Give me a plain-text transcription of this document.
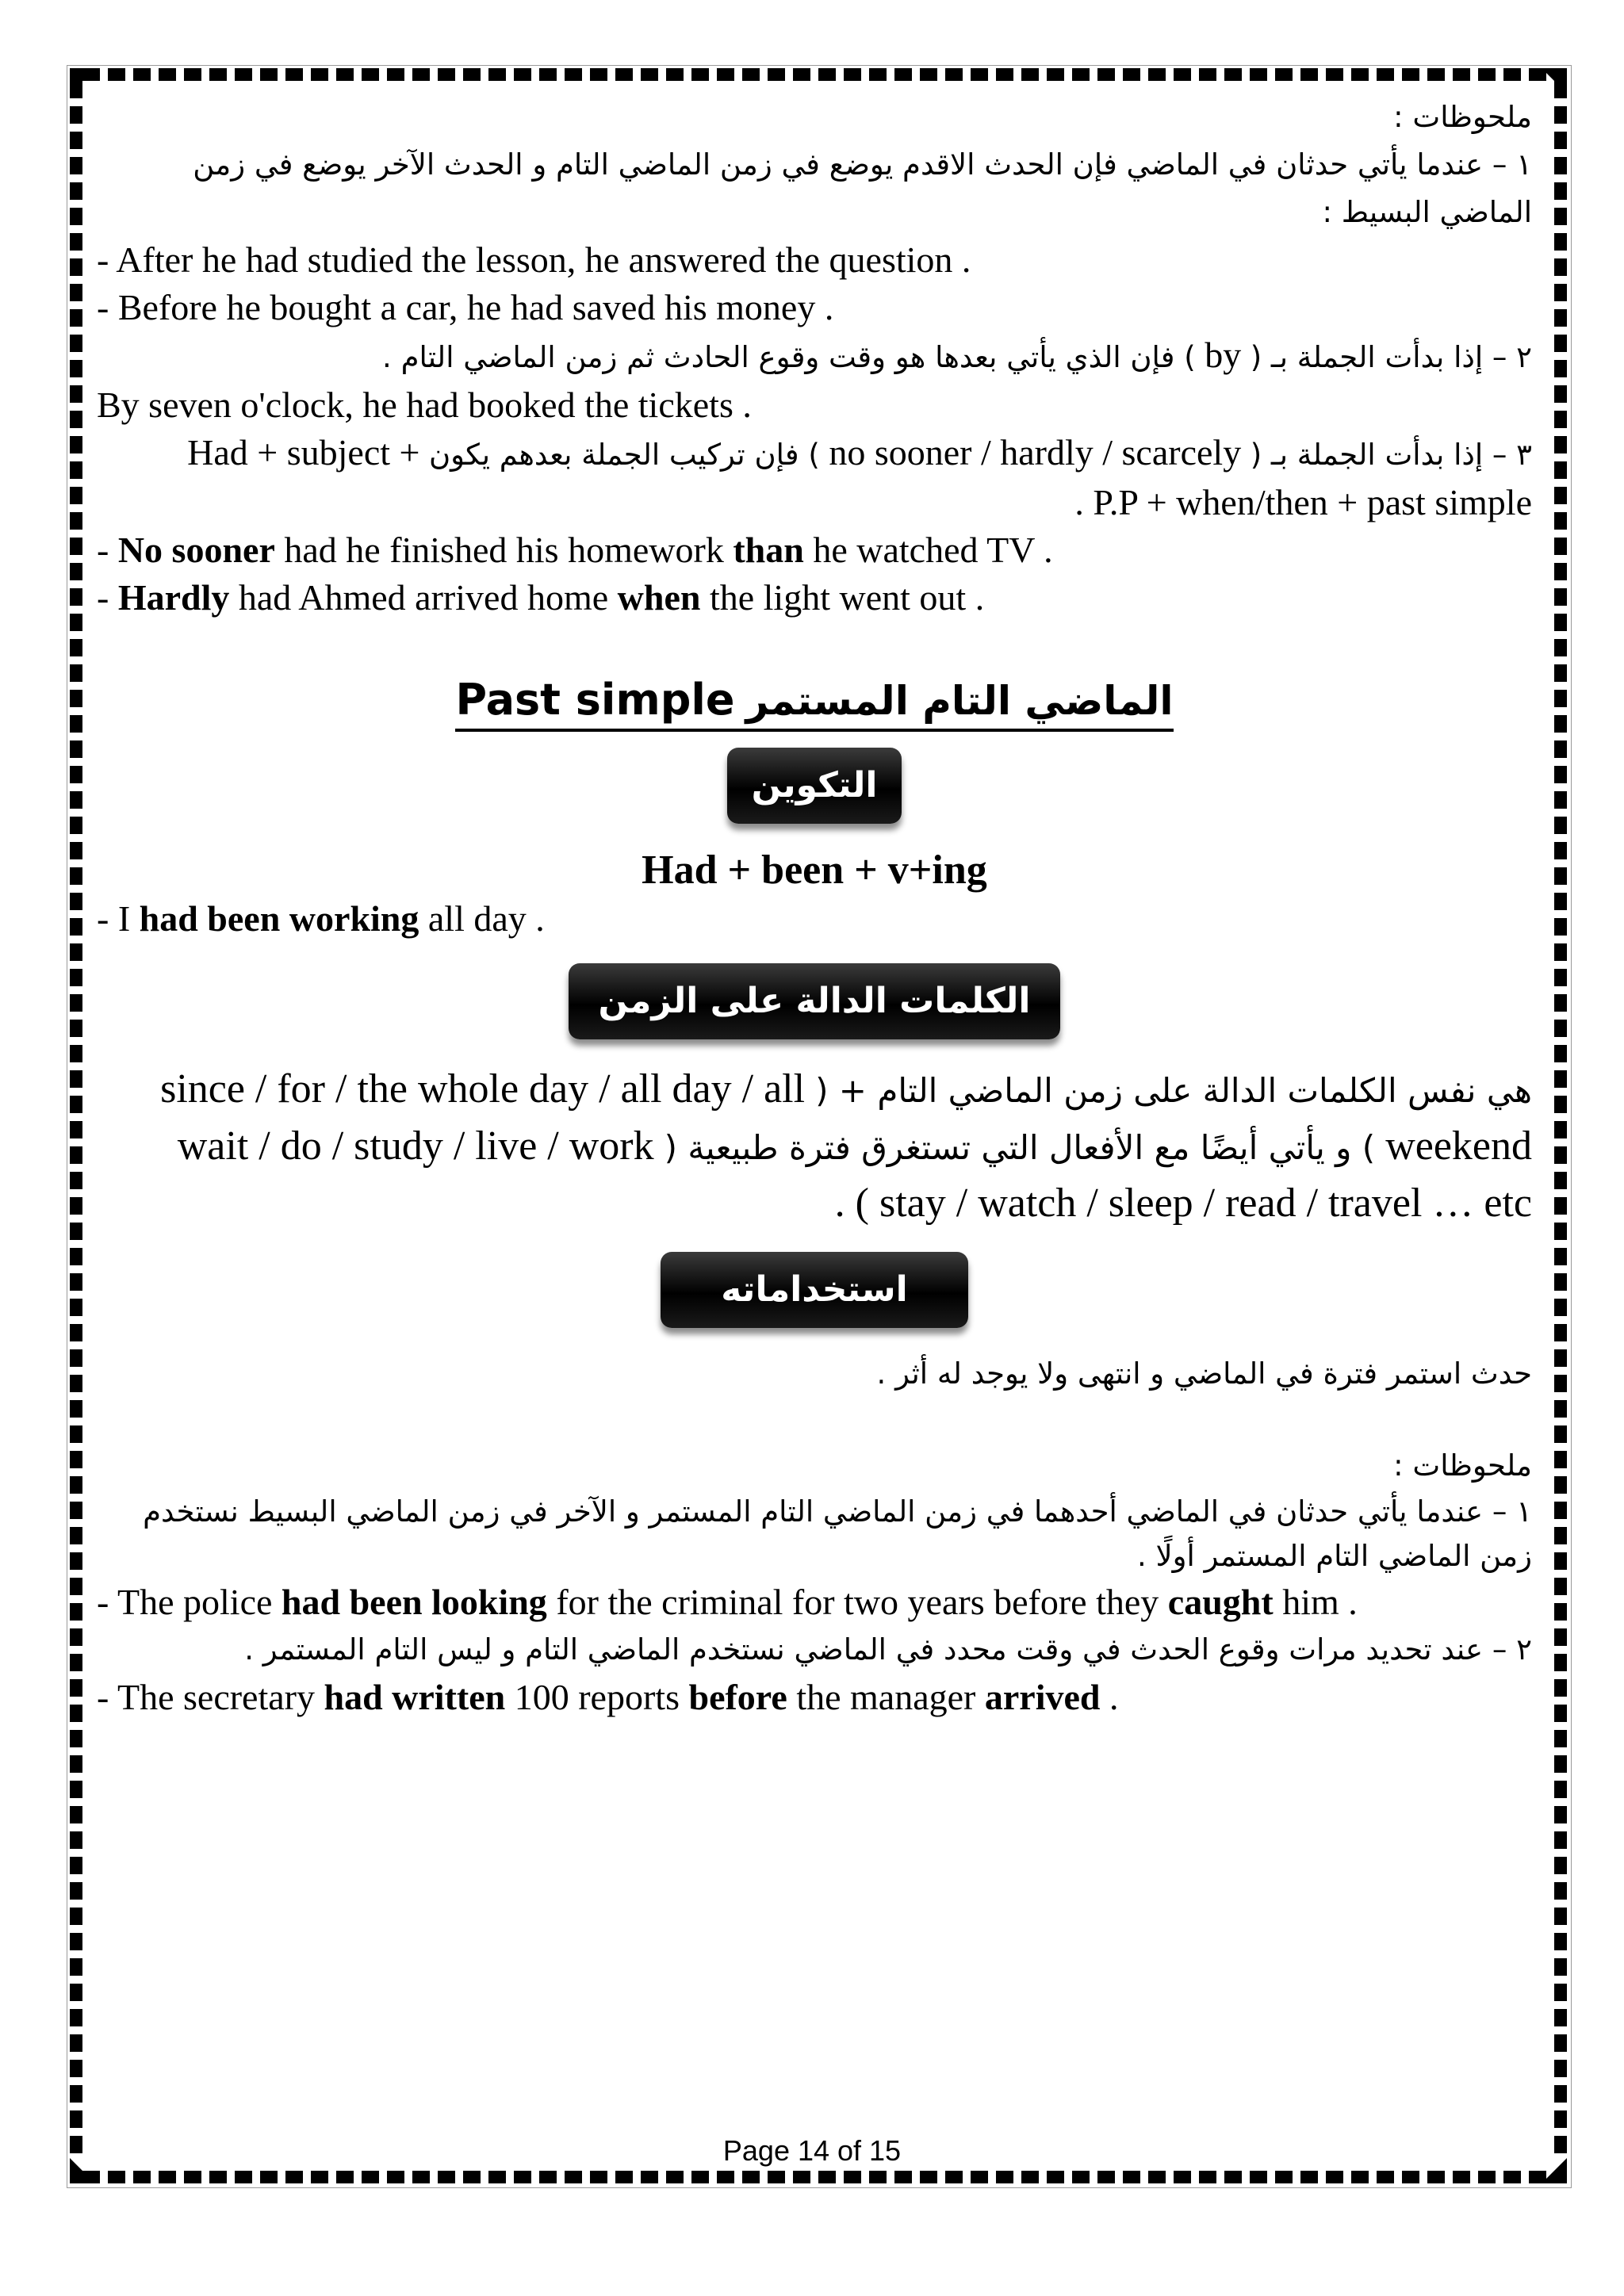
ملحوظات :
١ – عندما يأتي حدثان في الماضي فإن الحدث الاقدم يوضع في زمن الماضي التام و الحدث الآخر يوضع في زمن الماضي البسيط :
- After he had studied the lesson, he answered the question .
- Before he bought a car, he had saved his money .
٢ – إذا بدأت الجملة بـ ( by ) فإن الذي يأتي بعدها هو وقت وقوع الحادث ثم زمن الماضي التام .
By seven o'clock, he had booked the tickets .
٣ – إذا بدأت الجملة بـ ( no sooner / hardly / scarcely ) فإن تركيب الجملة بعدهم يكون Had + subject +
. P.P + when/then + past simple
- No sooner had he finished his homework than he watched TV .
- Hardly had Ahmed arrived home when the light went out .
Past simple الماضي التام المستمر
التكوين
Had + been + v+ing
- I had been working all day .
الكلمات الدالة على الزمن
هي نفس الكلمات الدالة على زمن الماضي التام + ( since / for / the whole day / all day / all
weekend ) و يأتي أيضًا مع الأفعال التي تستغرق فترة طبيعية ( wait / do / study / live / work
. ( stay / watch / sleep / read / travel … etc
استخداماته
حدث استمر فترة في الماضي و انتهى ولا يوجد له أثر .
ملحوظات :
١ – عندما يأتي حدثان في الماضي أحدهما في زمن الماضي التام المستمر و الآخر في زمن الماضي البسيط نستخدم زمن الماضي التام المستمر أولًا .
- The police had been looking for the criminal for two years before they caught him .
٢ – عند تحديد مرات وقوع الحدث في وقت محدد في الماضي نستخدم الماضي التام و ليس التام المستمر .
- The secretary had written 100 reports before the manager arrived .
Page 14 of 15
